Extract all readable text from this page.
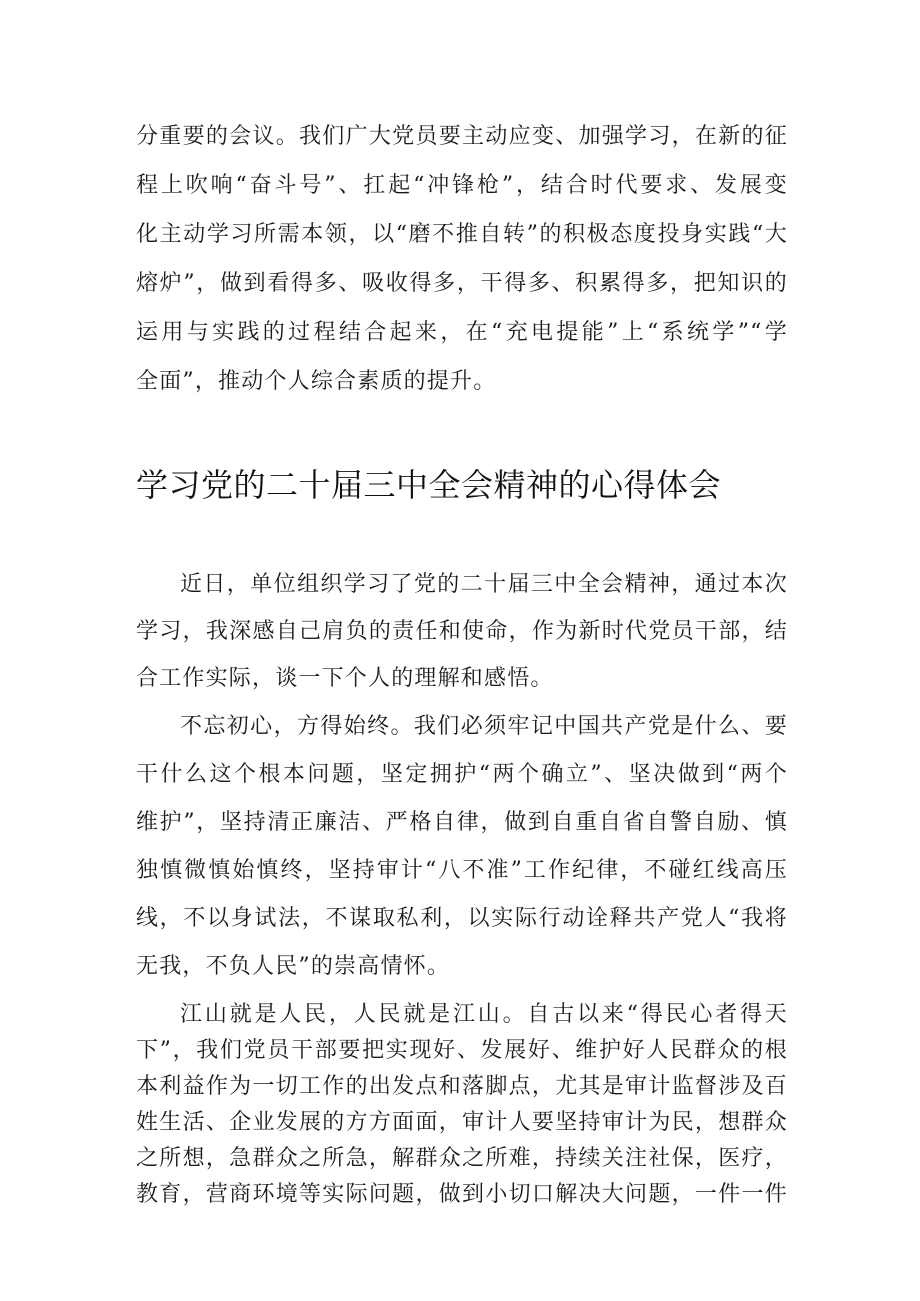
分重要的会议。我们广大党员要主动应变、加强学习，在新的征
程上吹响“奋斗号”、扛起“冲锋枪”，结合时代要求、发展变
化主动学习所需本领，以“磨不推自转”的积极态度投身实践“大
熔炉”，做到看得多、吸收得多，干得多、积累得多，把知识的
运用与实践的过程结合起来，在“充电提能”上“系统学”“学
全面”，推动个人综合素质的提升。

学习党的二十届三中全会精神的心得体会

近日，单位组织学习了党的二十届三中全会精神，通过本次
学习，我深感自己肩负的责任和使命，作为新时代党员干部，结
合工作实际，谈一下个人的理解和感悟。

不忘初心，方得始终。我们必须牢记中国共产党是什么、要
干什么这个根本问题，坚定拥护“两个确立”、坚决做到“两个
维护”，坚持清正廉洁、严格自律，做到自重自省自警自励、慎
独慎微慎始慎终，坚持审计“八不准”工作纪律，不碰红线高压
线，不以身试法，不谋取私利，以实际行动诠释共产党人“我将
无我，不负人民”的崇高情怀。

江山就是人民，人民就是江山。自古以来“得民心者得天
下”，我们党员干部要把实现好、发展好、维护好人民群众的根
本利益作为一切工作的出发点和落脚点，尤其是审计监督涉及百
姓生活、企业发展的方方面面，审计人要坚持审计为民，想群众
之所想，急群众之所急，解群众之所难，持续关注社保，医疗，
教育，营商环境等实际问题，做到小切口解决大问题，一件一件
